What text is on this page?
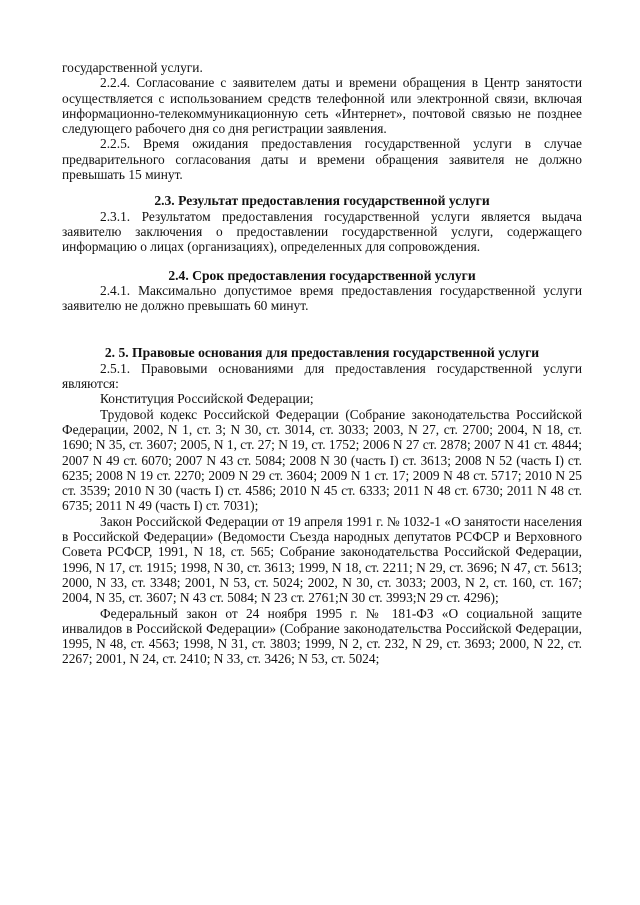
государственной услуги.

2.2.4. Согласование с заявителем даты и времени обращения в Центр занятости осуществляется с использованием средств телефонной или электронной связи, включая информационно-телекоммуникационную сеть «Интернет», почтовой связью не позднее следующего рабочего дня со дня регистрации заявления.

2.2.5. Время ожидания предоставления государственной услуги в случае предварительного согласования даты и времени обращения заявителя не должно превышать 15 минут.

2.3. Результат предоставления государственной услуги

2.3.1. Результатом предоставления государственной услуги является выдача заявителю заключения о предоставлении государственной услуги, содержащего информацию о лицах (организациях), определенных для сопровождения.

2.4. Срок предоставления государственной услуги

2.4.1. Максимально допустимое время предоставления государственной услуги заявителю не должно превышать 60 минут.

2. 5. Правовые основания для предоставления государственной услуги

2.5.1. Правовыми основаниями для предоставления государственной услуги являются:

Конституция Российской Федерации;

Трудовой кодекс Российской Федерации (Собрание законодательства Российской Федерации, 2002, N 1, ст. 3; N 30, ст. 3014, ст. 3033; 2003, N 27, ст. 2700; 2004, N 18, ст. 1690; N 35, ст. 3607; 2005, N 1, ст. 27; N 19, ст. 1752; 2006 N 27 ст. 2878; 2007 N 41 ст. 4844; 2007 N 49 ст. 6070; 2007 N 43 ст. 5084; 2008 N 30 (часть I) ст. 3613; 2008 N 52 (часть I) ст. 6235; 2008 N 19 ст. 2270; 2009 N 29 ст. 3604; 2009 N 1 ст. 17; 2009 N 48 ст. 5717; 2010 N 25 ст. 3539; 2010 N 30 (часть I) ст. 4586; 2010 N 45 ст. 6333; 2011 N 48 ст. 6730; 2011 N 48 ст. 6735; 2011 N 49 (часть I) ст. 7031);

Закон Российской Федерации от 19 апреля 1991 г. № 1032-1 «О занятости населения в Российской Федерации» (Ведомости Съезда народных депутатов РСФСР и Верховного Совета РСФСР, 1991, N 18, ст. 565; Собрание законодательства Российской Федерации, 1996, N 17, ст. 1915; 1998, N 30, ст. 3613; 1999, N 18, ст. 2211; N 29, ст. 3696; N 47, ст. 5613; 2000, N 33, ст. 3348; 2001, N 53, ст. 5024; 2002, N 30, ст. 3033; 2003, N 2, ст. 160, ст. 167; 2004, N 35, ст. 3607; N 43 ст. 5084; N 23 ст. 2761;N 30 ст. 3993;N 29 ст. 4296);

Федеральный закон от 24 ноября 1995 г. № 181-ФЗ «О социальной защите инвалидов в Российской Федерации» (Собрание законодательства Российской Федерации, 1995, N 48, ст. 4563; 1998, N 31, ст. 3803; 1999, N 2, ст. 232, N 29, ст. 3693; 2000, N 22, ст. 2267; 2001, N 24, ст. 2410; N 33, ст. 3426; N 53, ст. 5024;
